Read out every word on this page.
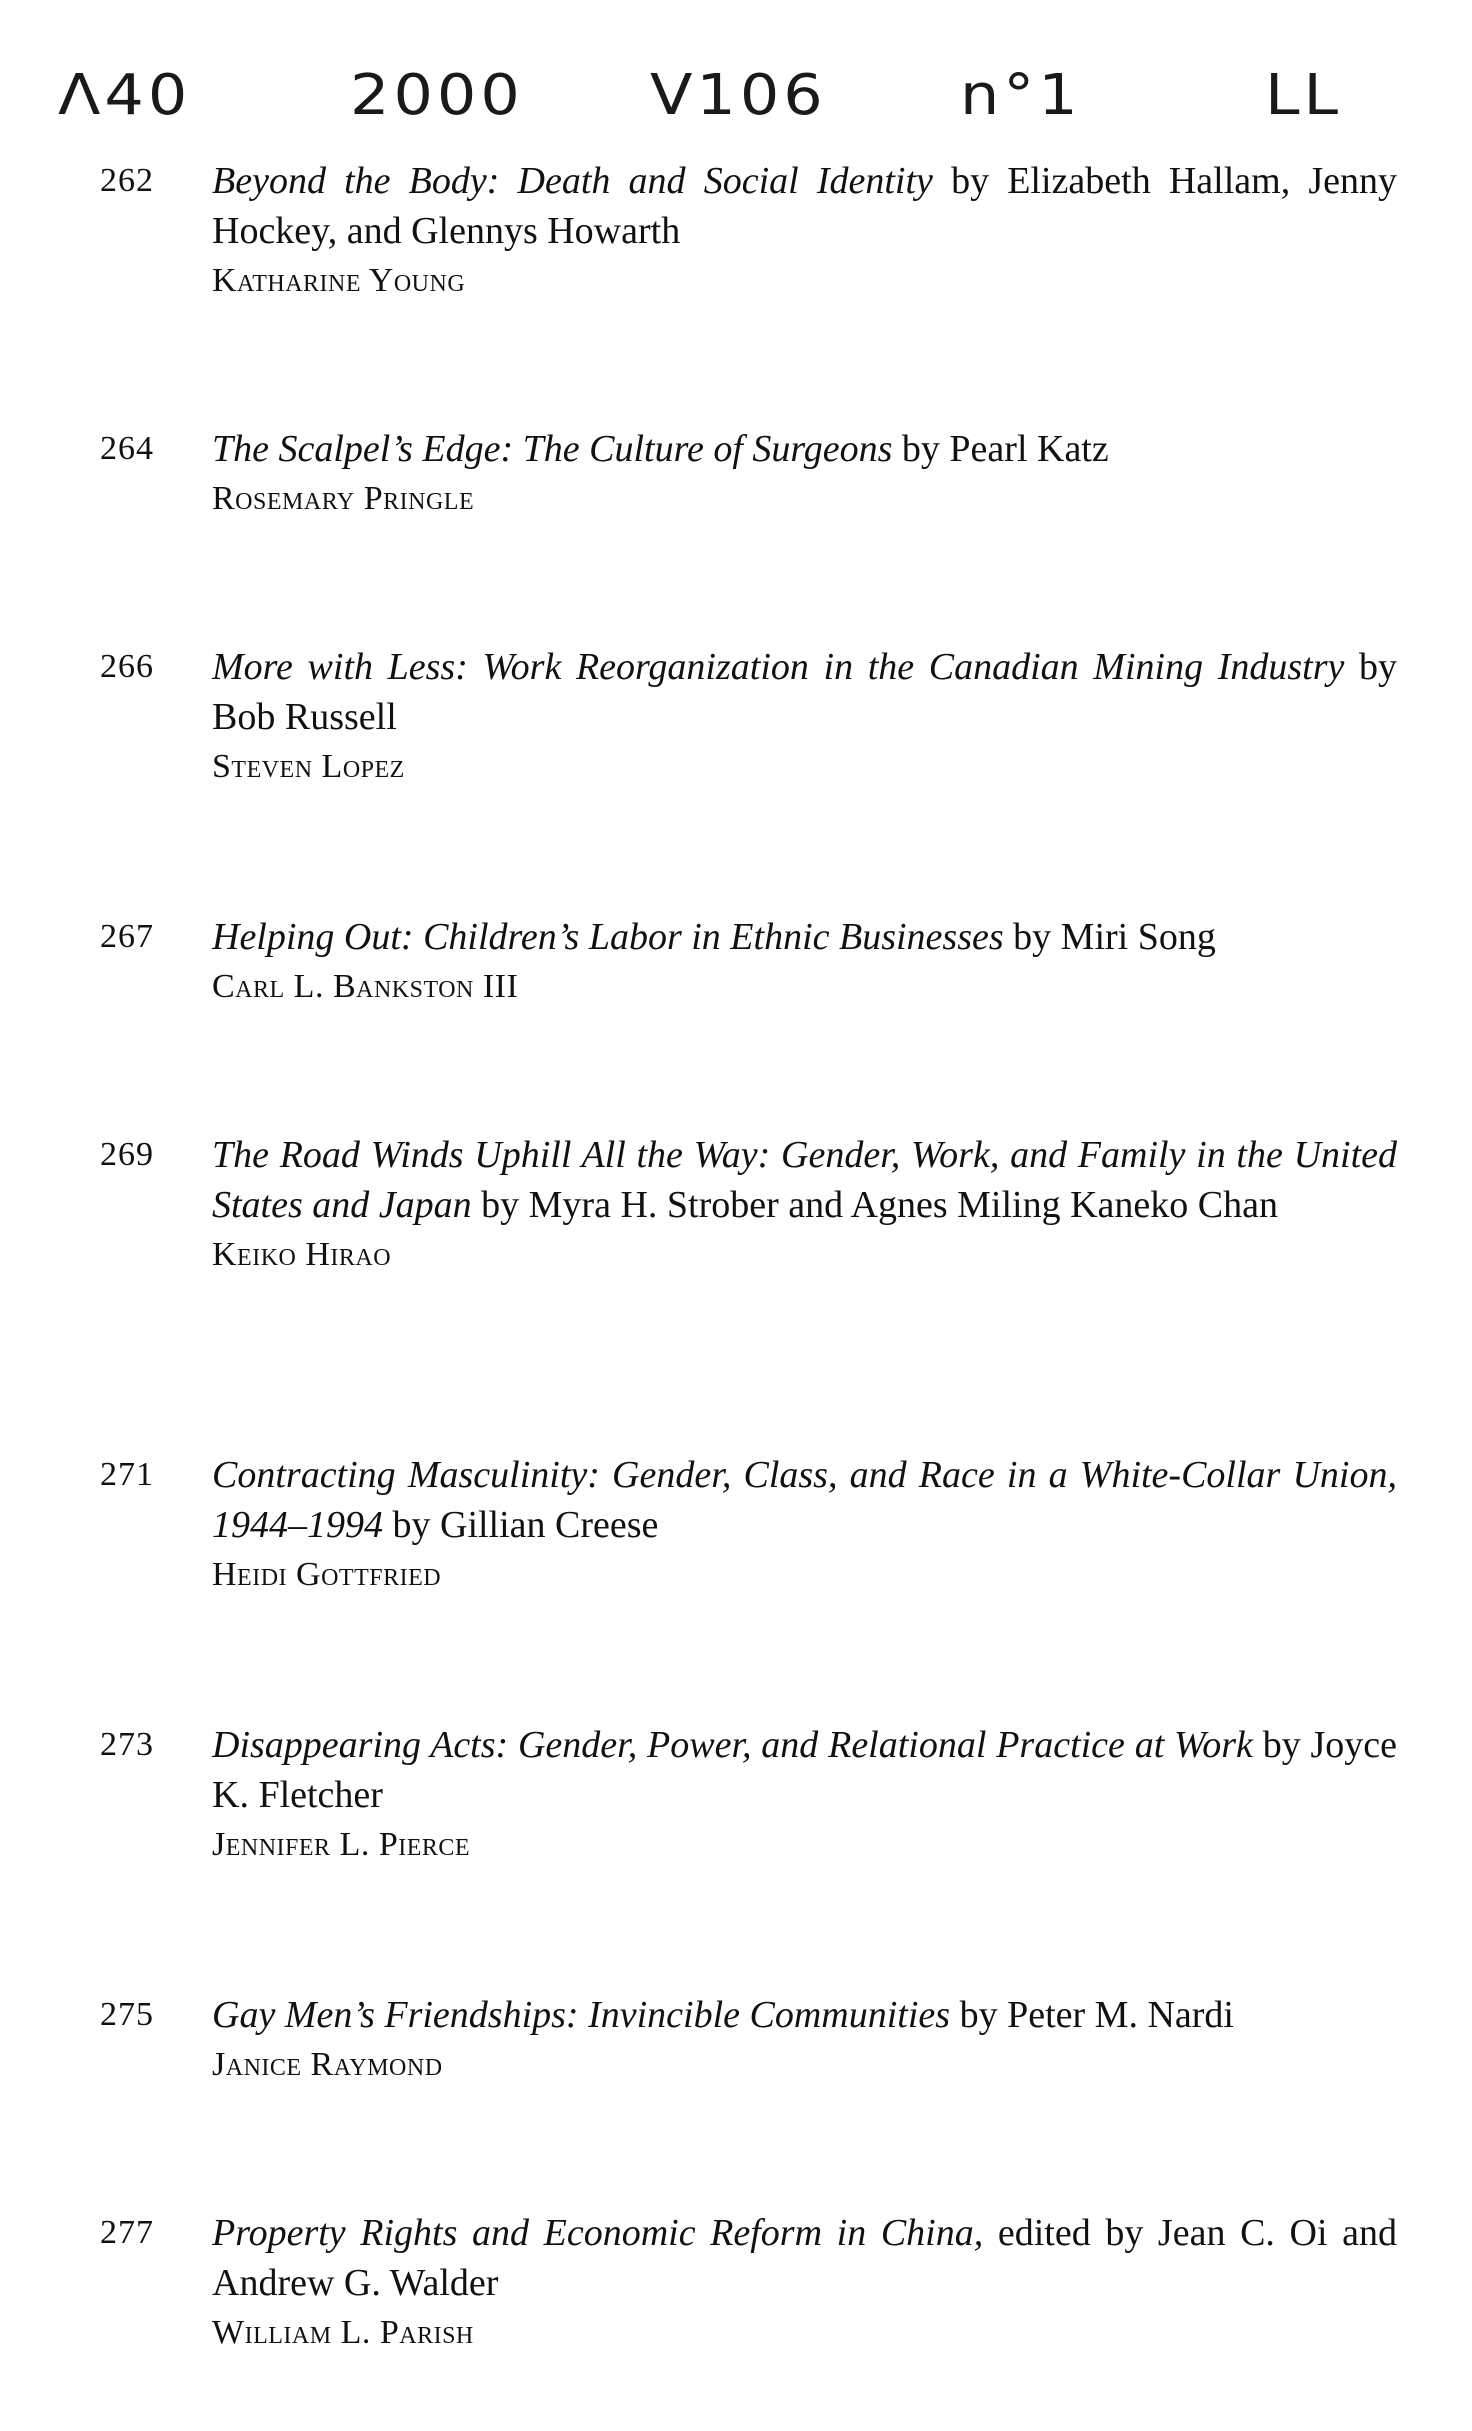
Λ40	2000 V106 n°1	LL
262	Beyond the Body: Death and Social Identity by Elizabeth Hallam, Jenny Hockey, and Glennys Howarth

Katharine Young

264	The Scalpel’s Edge: The Culture of Surgeons by Pearl Katz

Rosemary Pringle

266	More with Less: Work Reorganization in the Canadian Mining Industry by Bob Russell

Steven Lopez

267	Helping Out: Children’s Labor in Ethnic Businesses by Miri Song

Carl L. Bankston III

269	The Road Winds Uphill All the Way: Gender, Work, and Family in the United States and Japan by Myra H. Strober and Agnes Miling Kaneko Chan

Keiko Hirao

271	Contracting Masculinity: Gender, Class, and Race in a White-Collar Union, 1944–1994 by Gillian Creese

Heidi Gottfried

273	Disappearing Acts: Gender, Power, and Relational Practice at Work by Joyce K. Fletcher

Jennifer L. Pierce

275	Gay Men’s Friendships: Invincible Communities by Peter M. Nardi

Janice Raymond

277	Property Rights and Economic Reform in China, edited by Jean C. Oi and Andrew G. Walder

William L. Parish
